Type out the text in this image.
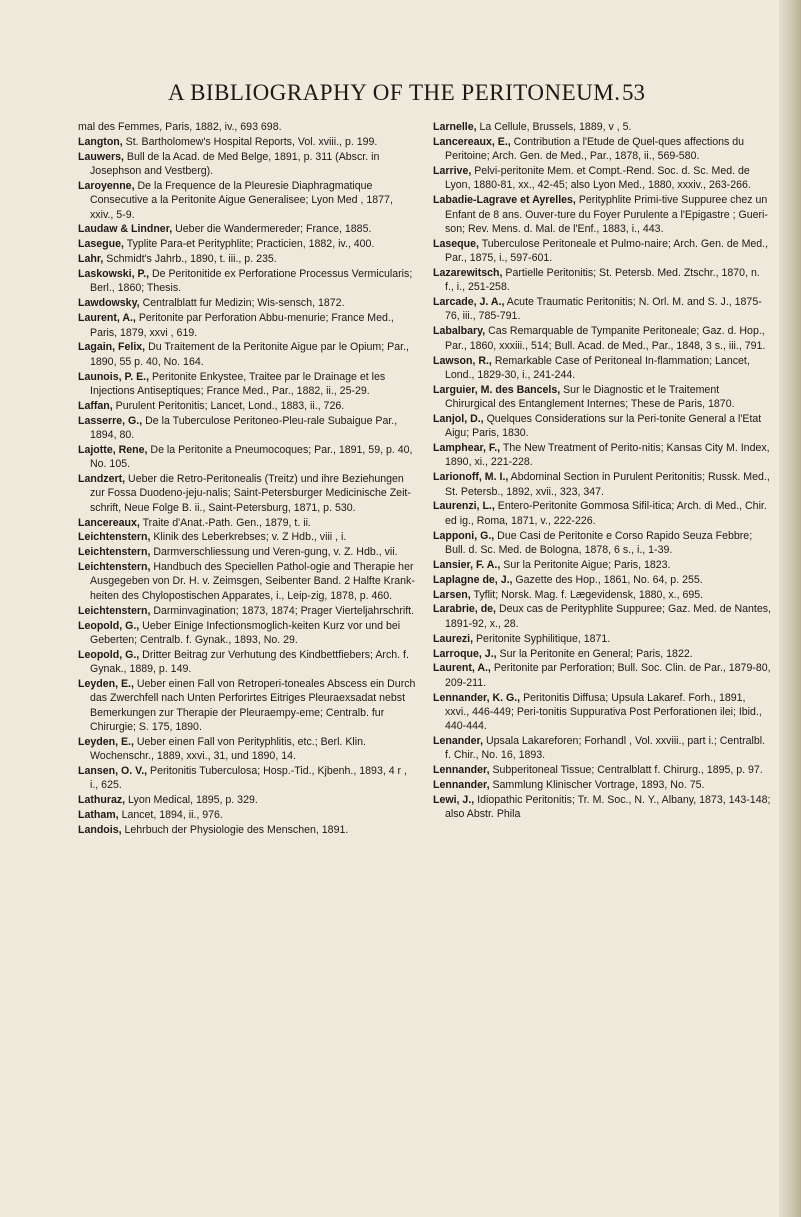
A BIBLIOGRAPHY OF THE PERITONEUM. 53

mal des Femmes, Paris, 1882, iv., 693 698.

Langton, St. Bartholomew's Hospital Reports, Vol. xviii., p. 199.

Lauwers, Bull de la Acad. de Med Belge, 1891, p. 311 (Abscr. in Josephson and Vestberg).

Laroyenne, De la Frequence de la Pleuresie Diaphragmatique Consecutive a la Peritonite Aigue Generalisee; Lyon Med , 1877, xxiv., 5-9.

Laudaw & Lindner, Ueber die Wandermereder; France, 1885.

Lasegue, Typlite Para-et Perityphlite; Practicien, 1882, iv., 400.

Lahr, Schmidt's Jahrb., 1890, t. iii., p. 235.

Laskowski, P., De Peritonitide ex Perforatione Processus Vermicularis; Berl., 1860; Thesis.

Lawdowsky, Centralblatt fur Medizin; Wis-sensch, 1872.

Laurent, A., Peritonite par Perforation Abbu-menurie; France Med., Paris, 1879, xxvi , 619.

Lagain, Felix, Du Traitement de la Peritonite Aigue par le Opium; Par., 1890, 55 p. 40, No. 164.

Launois, P. E., Peritonite Enkystee, Traitee par le Drainage et les Injections Antiseptiques; France Med., Par., 1882, ii., 25-29.

Laffan, Purulent Peritonitis; Lancet, Lond., 1883, ii., 726.

Lasserre, G., De la Tuberculose Peritoneo-Pleu-rale Subaigue Par., 1894, 80.

Lajotte, Rene, De la Peritonite a Pneumocoques; Par., 1891, 59, p. 40, No. 105.

Landzert, Ueber die Retro-Peritonealis (Treitz) und ihre Beziehungen zur Fossa Duodeno-jeju-nalis; Saint-Petersburger Medicinische Zeit-schrift, Neue Folge B. ii., Saint-Petersburg, 1871, p. 530.

Lancereaux, Traite d'Anat.-Path. Gen., 1879, t. ii.

Leichtenstern, Klinik des Leberkrebses; v. Z Hdb., viii , i.

Leichtenstern, Darmverschliessung und Veren-gung, v. Z. Hdb., vii.

Leichtenstern, Handbuch des Speciellen Pathol-ogie and Therapie her Ausgegeben von Dr. H. v. Zeimsgen, Seibenter Band. 2 Halfte Krank-heiten des Chylopostischen Apparates, i., Leip-zig, 1878, p. 460.

Leichtenstern, Darminvagination; 1873, 1874; Prager Vierteljahrschrift.

Leopold, G., Ueber Einige Infectionsmoglich-keiten Kurz vor und bei Geberten; Centralb. f. Gynak., 1893, No. 29.

Leopold, G., Dritter Beitrag zur Verhutung des Kindbettfiebers; Arch. f. Gynak., 1889, p. 149.

Leyden, E., Ueber einen Fall von Retroperi-toneales Abscess ein Durch das Zwerchfell nach Unten Perforirtes Eitriges Pleuraexsadat nebst Bemerkungen zur Therapie der Pleuraempy-eme; Centralb. fur Chirurgie; S. 175, 1890.

Leyden, E., Ueber einen Fall von Perityphlitis, etc.; Berl. Klin. Wochenschr., 1889, xxvi., 31, und 1890, 14.

Lansen, O. V., Peritonitis Tuberculosa; Hosp.-Tid., Kjbenh., 1893, 4 r , i., 625.

Lathuraz, Lyon Medical, 1895, p. 329.

Latham, Lancet, 1894, ii., 976.

Landois, Lehrbuch der Physiologie des Menschen, 1891.

Larnelle, La Cellule, Brussels, 1889, v , 5.

Lancereaux, E., Contribution a l'Etude de Quel-ques affections du Peritoine; Arch. Gen. de Med., Par., 1878, ii., 569-580.

Larrive, Pelvi-peritonite Mem. et Compt.-Rend. Soc. d. Sc. Med. de Lyon, 1880-81, xx., 42-45; also Lyon Med., 1880, xxxiv., 263-266.

Labadie-Lagrave et Ayrelles, Perityphlite Primi-tive Suppuree chez un Enfant de 8 ans. Ouver-ture du Foyer Purulente a l'Epigastre ; Gueri-son; Rev. Mens. d. Mal. de l'Enf., 1883, i., 443.

Laseque, Tuberculose Peritoneale et Pulmo-naire; Arch. Gen. de Med., Par., 1875, i., 597-601.

Lazarewitsch, Partielle Peritonitis; St. Petersb. Med. Ztschr., 1870, n. f., i., 251-258.

Larcade, J. A., Acute Traumatic Peritonitis; N. Orl. M. and S. J., 1875-76, iii., 785-791.

Labalbary, Cas Remarquable de Tympanite Peritoneale; Gaz. d. Hop., Par., 1860, xxxiii., 514; Bull. Acad. de Med., Par., 1848, 3 s., iii., 791.

Lawson, R., Remarkable Case of Peritoneal In-flammation; Lancet, Lond., 1829-30, i., 241-244.

Larguier, M. des Bancels, Sur le Diagnostic et le Traitement Chirurgical des Entanglement Internes; These de Paris, 1870.

Lanjol, D., Quelques Considerations sur la Peri-tonite General a l'Etat Aigu; Paris, 1830.

Lamphear, F., The New Treatment of Perito-nitis; Kansas City M. Index, 1890, xi., 221-228.

Larionoff, M. I., Abdominal Section in Purulent Peritonitis; Russk. Med., St. Petersb., 1892, xvii., 323, 347.

Laurenzi, L., Entero-Peritonite Gommosa Sifil-itica; Arch. di Med., Chir. ed ig., Roma, 1871, v., 222-226.

Lapponi, G., Due Casi de Peritonite e Corso Rapido Seuza Febbre; Bull. d. Sc. Med. de Bologna, 1878, 6 s., i., 1-39.

Lansier, F. A., Sur la Peritonite Aigue; Paris, 1823.

Laplagne de, J., Gazette des Hop., 1861, No. 64, p. 255.

Larsen, Tyflit; Norsk. Mag. f. Lægevidensk, 1880, x., 695.

Larabrie, de, Deux cas de Perityphlite Suppuree; Gaz. Med. de Nantes, 1891-92, x., 28.

Laurezi, Peritonite Syphilitique, 1871.

Larroque, J., Sur la Peritonite en General; Paris, 1822.

Laurent, A., Peritonite par Perforation; Bull. Soc. Clin. de Par., 1879-80, 209-211.

Lennander, K. G., Peritonitis Diffusa; Upsula Lakaref. Forh., 1891, xxvi., 446-449; Peri-tonitis Suppurativa Post Perforationen ilei; Ibid., 440-444.

Lenander, Upsala Lakareforen; Forhandl , Vol. xxviii., part i.; Centralbl. f. Chir., No. 16, 1893.

Lennander, Subperitoneal Tissue; Centralblatt f. Chirurg., 1895, p. 97.

Lennander, Sammlung Klinischer Vortrage, 1893, No. 75.

Lewi, J., Idiopathic Peritonitis; Tr. M. Soc., N. Y., Albany, 1873, 143-148; also Abstr. Phila
